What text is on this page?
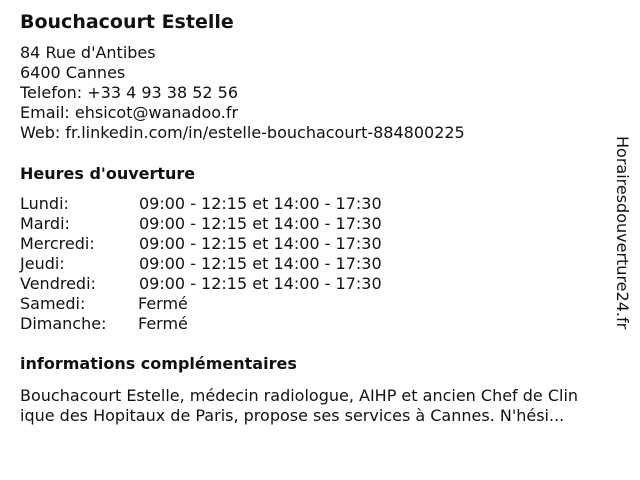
Bouchacourt Estelle
84 Rue d'Antibes
6400 Cannes
Telefon: +33 4 93 38 52 56
Email: ehsicot@wanadoo.fr
Web: fr.linkedin.com/in/estelle-bouchacourt-884800225
Heures d'ouverture
Lundi:	09:00 - 12:15 et 14:00 - 17:30
Mardi:	09:00 - 12:15 et 14:00 - 17:30
Mercredi:	09:00 - 12:15 et 14:00 - 17:30
Jeudi:	09:00 - 12:15 et 14:00 - 17:30
Vendredi:	09:00 - 12:15 et 14:00 - 17:30
Samedi:	Fermé
Dimanche: Fermé
informations complémentaires
Bouchacourt Estelle, médecin radiologue, AIHP et ancien Chef de Clin
ique des Hopitaux de Paris, propose ses services à Cannes. N'hési...
Horairesdouverture24.fr
